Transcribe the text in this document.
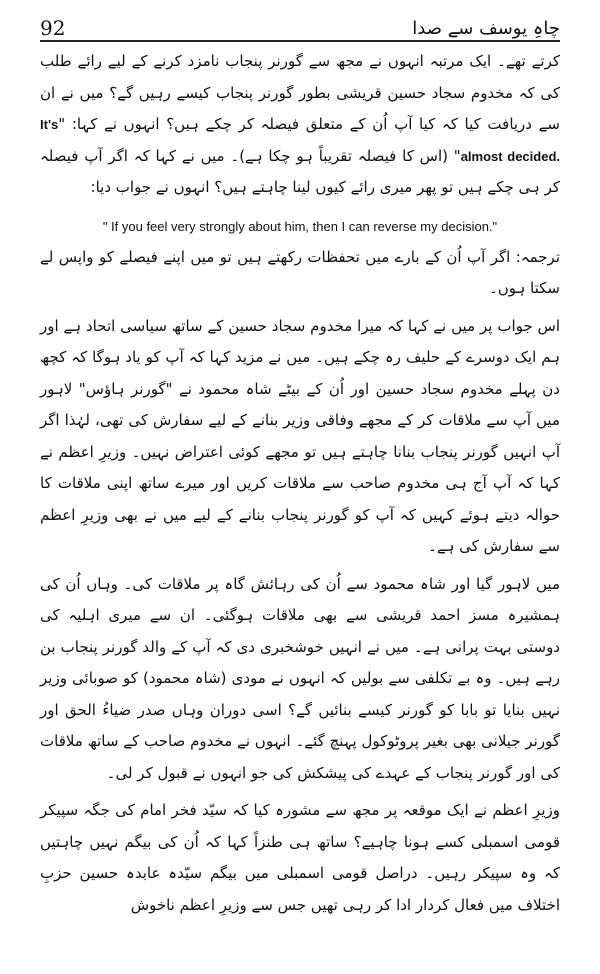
92	چاہِ یوسف سے صدا

کرتے تھے۔ ایک مرتبہ انہوں نے مجھ سے گورنر پنجاب نامزد کرنے کے لیے رائے طلب کی کہ مخدوم سجاد حسین قریشی بطور گورنر پنجاب کیسے رہیں گے؟ میں نے ان سے دریافت کیا کہ کیا آپ اُن کے متعلق فیصلہ کر چکے ہیں؟ انہوں نے کہا: "It's almost decided." (اس کا فیصلہ تقریباً ہو چکا ہے)۔ میں نے کہا کہ اگر آپ فیصلہ کر ہی چکے ہیں تو پھر میری رائے کیوں لینا چاہتے ہیں؟ انہوں نے جواب دیا:

" If you feel very strongly about him, then I can reverse my decision."

ترجمہ: اگر آپ اُن کے بارے میں تحفظات رکھتے ہیں تو میں اپنے فیصلے کو واپس لے سکتا ہوں۔

اس جواب پر میں نے کہا کہ میرا مخدوم سجاد حسین کے ساتھ سیاسی اتحاد ہے اور ہم ایک دوسرے کے حلیف رہ چکے ہیں۔ میں نے مزید کہا کہ آپ کو یاد ہوگا کہ کچھ دن پہلے مخدوم سجاد حسین اور اُن کے بیٹے شاہ محمود نے "گورنر ہاؤس" لاہور میں آپ سے ملاقات کر کے مجھے وفاقی وزیر بنانے کے لیے سفارش کی تھی، لہٰذا اگر آپ انہیں گورنر پنجاب بنانا چاہتے ہیں تو مجھے کوئی اعتراض نہیں۔ وزیرِ اعظم نے کہا کہ آپ آج ہی مخدوم صاحب سے ملاقات کریں اور میرے ساتھ اپنی ملاقات کا حوالہ دیتے ہوئے کہیں کہ آپ کو گورنر پنجاب بنانے کے لیے میں نے بھی وزیرِ اعظم سے سفارش کی ہے۔

میں لاہور گیا اور شاہ محمود سے اُن کی رہائش گاہ پر ملاقات کی۔ وہاں اُن کی ہمشیرہ مسز احمد قریشی سے بھی ملاقات ہوگئی۔ ان سے میری اہلیہ کی دوستی بہت پرانی ہے۔ میں نے انہیں خوشخبری دی کہ آپ کے والد گورنر پنجاب بن رہے ہیں۔ وہ بے تکلفی سے بولیں کہ انہوں نے مودی (شاہ محمود) کو صوبائی وزیر نہیں بنایا تو بابا کو گورنر کیسے بنائیں گے؟ اسی دوران وہاں صدر ضیاءُ الحق اور گورنر جیلانی بھی بغیر پروٹوکول پہنچ گئے۔ انہوں نے مخدوم صاحب کے ساتھ ملاقات کی اور گورنر پنجاب کے عہدے کی پیشکش کی جو انہوں نے قبول کر لی۔

وزیرِ اعظم نے ایک موقعہ پر مجھ سے مشورہ کیا کہ سیّد فخر امام کی جگہ سپیکر قومی اسمبلی کسے ہونا چاہیے؟ ساتھ ہی طنزاً کہا کہ اُن کی بیگم نہیں چاہتیں کہ وہ سپیکر رہیں۔ دراصل قومی اسمبلی میں بیگم سیّدہ عابدہ حسین حزبِ اختلاف میں فعال کردار ادا کر رہی تھیں جس سے وزیرِ اعظم ناخوش
